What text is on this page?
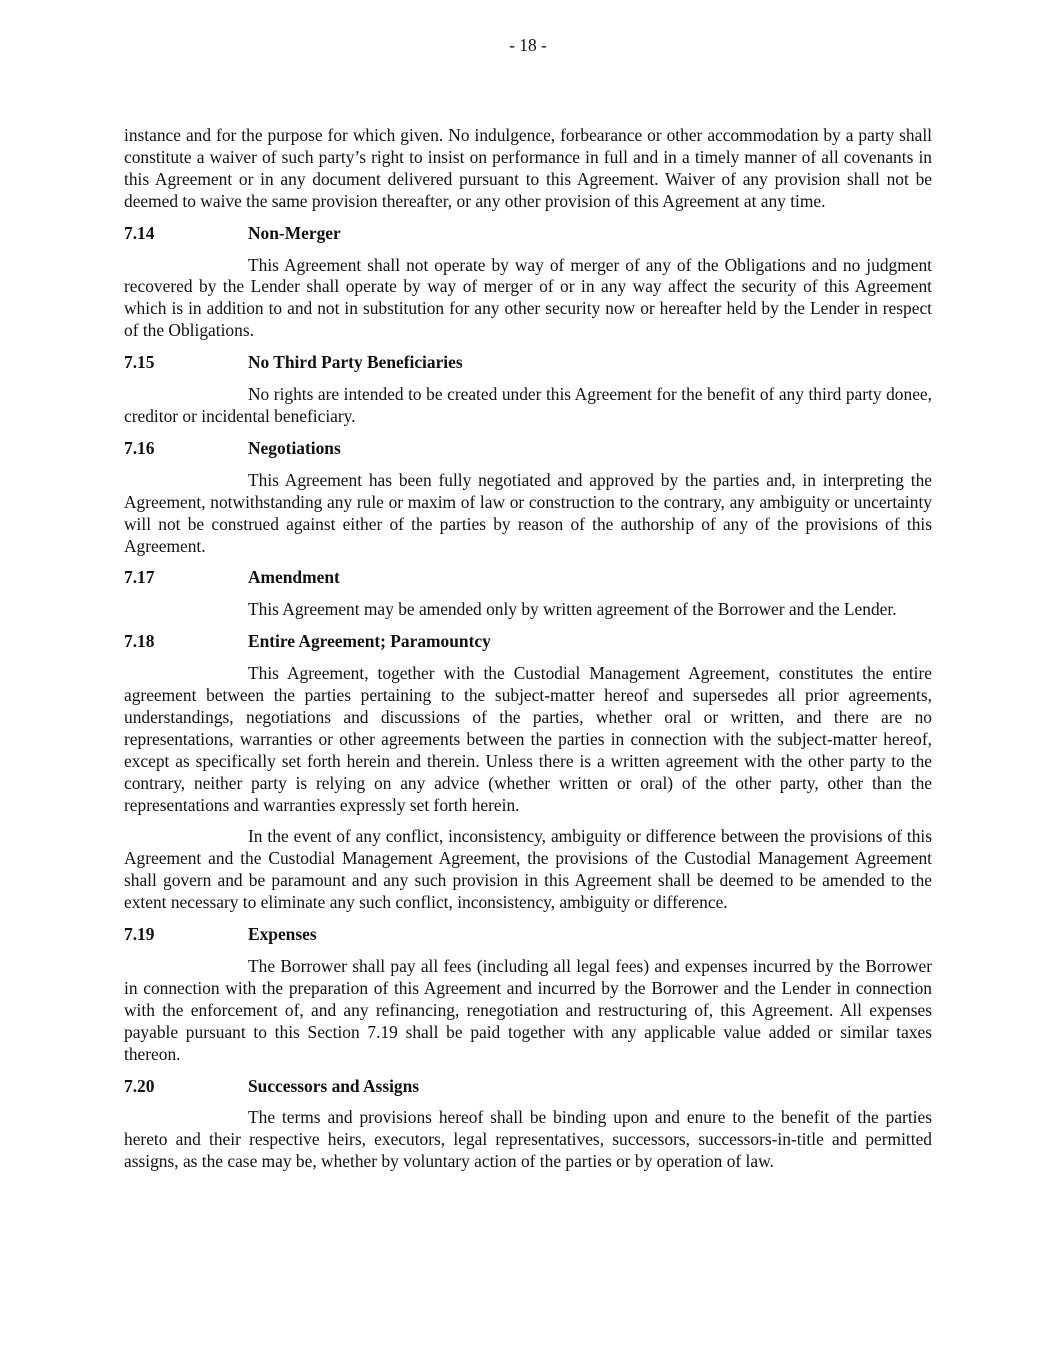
- 18 -

instance and for the purpose for which given. No indulgence, forbearance or other accommodation by a party shall constitute a waiver of such party’s right to insist on performance in full and in a timely manner of all covenants in this Agreement or in any document delivered pursuant to this Agreement. Waiver of any provision shall not be deemed to waive the same provision thereafter, or any other provision of this Agreement at any time.

7.14	Non-Merger

This Agreement shall not operate by way of merger of any of the Obligations and no judgment recovered by the Lender shall operate by way of merger of or in any way affect the security of this Agreement which is in addition to and not in substitution for any other security now or hereafter held by the Lender in respect of the Obligations.

7.15	No Third Party Beneficiaries

No rights are intended to be created under this Agreement for the benefit of any third party donee, creditor or incidental beneficiary.

7.16	Negotiations

This Agreement has been fully negotiated and approved by the parties and, in interpreting the Agreement, notwithstanding any rule or maxim of law or construction to the contrary, any ambiguity or uncertainty will not be construed against either of the parties by reason of the authorship of any of the provisions of this Agreement.

7.17	Amendment

This Agreement may be amended only by written agreement of the Borrower and the Lender.

7.18	Entire Agreement; Paramountcy

This Agreement, together with the Custodial Management Agreement, constitutes the entire agreement between the parties pertaining to the subject-matter hereof and supersedes all prior agreements, understandings, negotiations and discussions of the parties, whether oral or written, and there are no representations, warranties or other agreements between the parties in connection with the subject-matter hereof, except as specifically set forth herein and therein. Unless there is a written agreement with the other party to the contrary, neither party is relying on any advice (whether written or oral) of the other party, other than the representations and warranties expressly set forth herein.

In the event of any conflict, inconsistency, ambiguity or difference between the provisions of this Agreement and the Custodial Management Agreement, the provisions of the Custodial Management Agreement shall govern and be paramount and any such provision in this Agreement shall be deemed to be amended to the extent necessary to eliminate any such conflict, inconsistency, ambiguity or difference.

7.19	Expenses

The Borrower shall pay all fees (including all legal fees) and expenses incurred by the Borrower in connection with the preparation of this Agreement and incurred by the Borrower and the Lender in connection with the enforcement of, and any refinancing, renegotiation and restructuring of, this Agreement. All expenses payable pursuant to this Section 7.19 shall be paid together with any applicable value added or similar taxes thereon.

7.20	Successors and Assigns

The terms and provisions hereof shall be binding upon and enure to the benefit of the parties hereto and their respective heirs, executors, legal representatives, successors, successors-in-title and permitted assigns, as the case may be, whether by voluntary action of the parties or by operation of law.
